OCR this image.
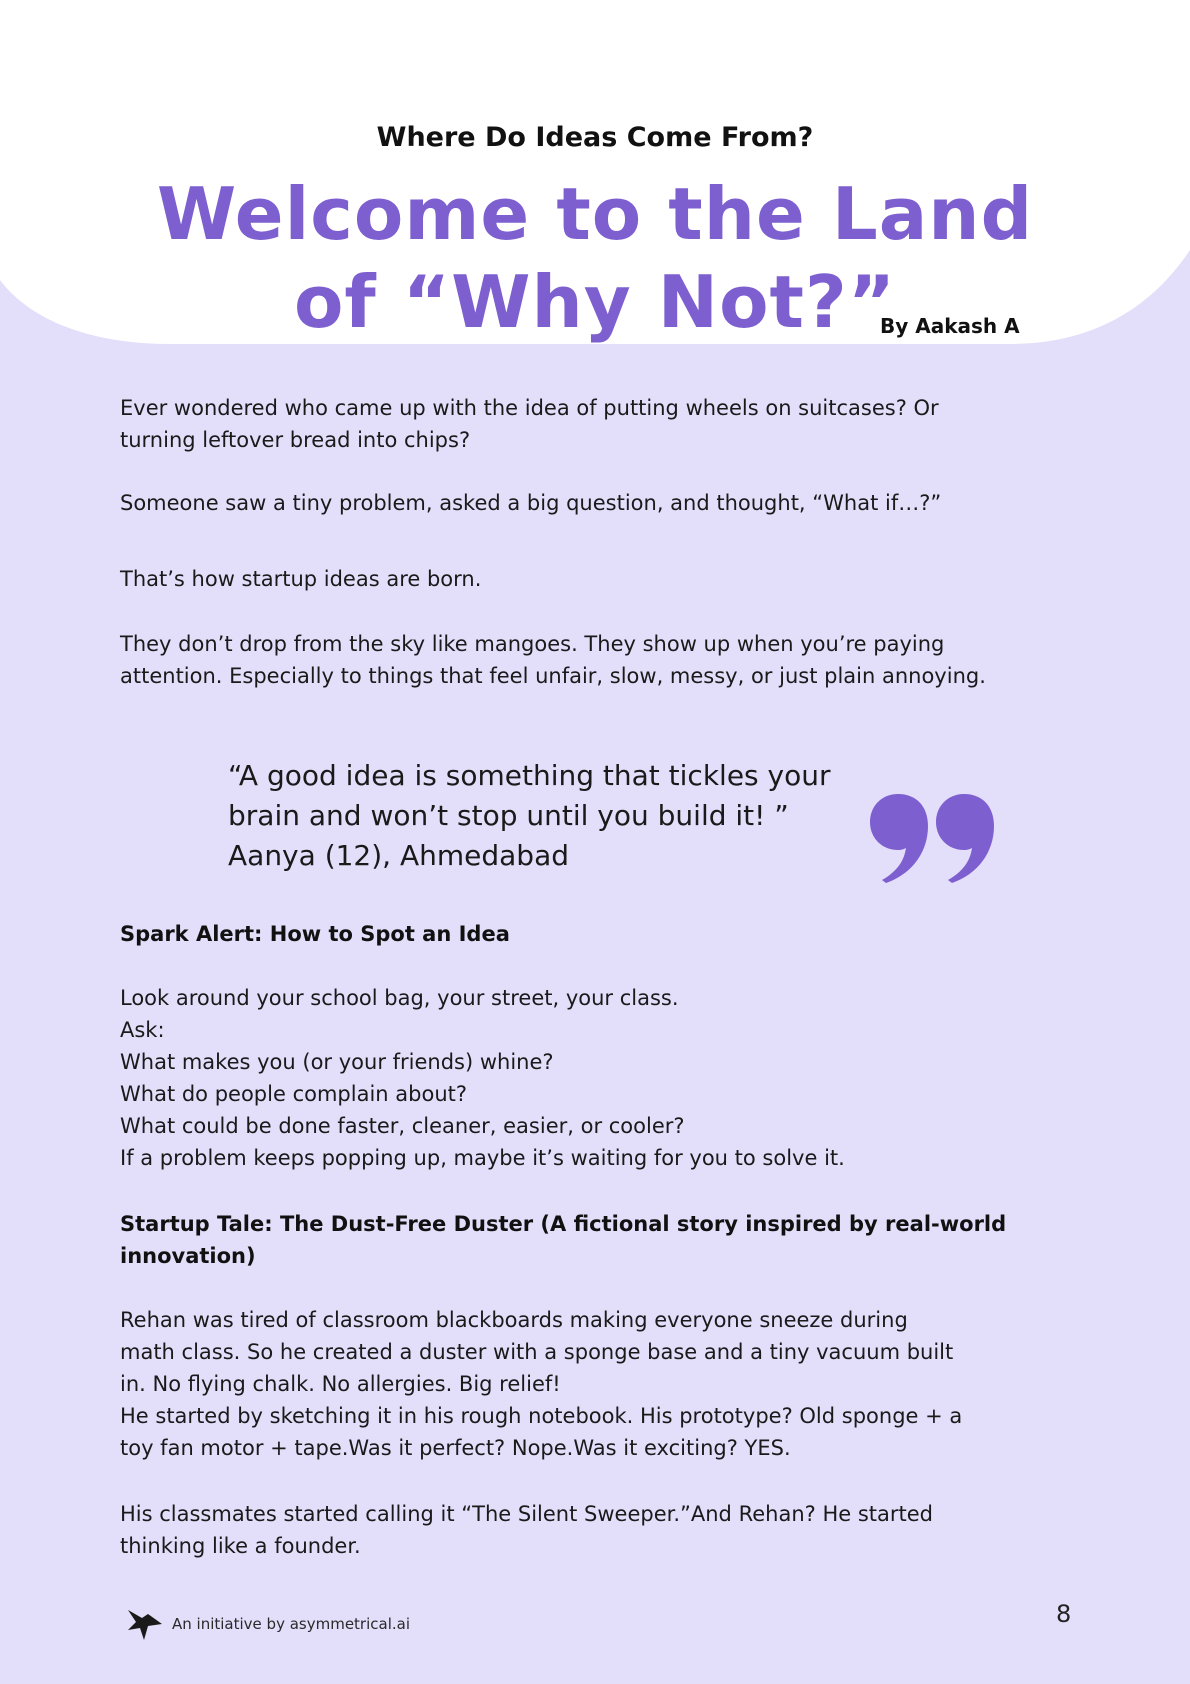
Where Do Ideas Come From?
Welcome to the Land
of “Why Not?”
By Aakash A
Ever wondered who came up with the idea of putting wheels on suitcases? Or
turning leftover bread into chips?

Someone saw a tiny problem, asked a big question, and thought, “What if…?”

That’s how startup ideas are born.

They don’t drop from the sky like mangoes. They show up when you’re paying
attention. Especially to things that feel unfair, slow, messy, or just plain annoying.
“A good idea is something that tickles your
brain and won’t stop until you build it! ”
Aanya (12), Ahmedabad

Spark Alert: How to Spot an Idea

Look around your school bag, your street, your class.
Ask:
What makes you (or your friends) whine?
What do people complain about?
What could be done faster, cleaner, easier, or cooler?
If a problem keeps popping up, maybe it’s waiting for you to solve it.
Startup Tale: The Dust-Free Duster (A fictional story inspired by real-world
innovation)
Rehan was tired of classroom blackboards making everyone sneeze during
math class. So he created a duster with a sponge base and a tiny vacuum built
in. No flying chalk. No allergies. Big relief!
He started by sketching it in his rough notebook. His prototype? Old sponge + a
toy fan motor + tape.Was it perfect? Nope.Was it exciting? YES.
His classmates started calling it “The Silent Sweeper.”And Rehan? He started
thinking like a founder.
An initiative by asymmetrical.ai	8
